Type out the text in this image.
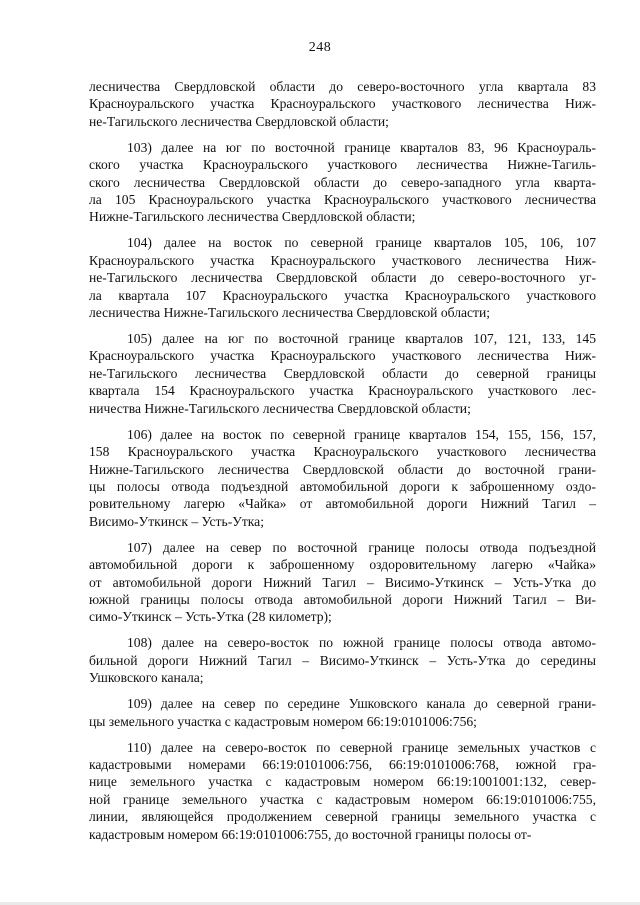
248

лесничества Свердловской области до северо-восточного угла квартала 83
Красноуральского участка Красноуральского участкового лесничества Ниж-
не-Тагильского лесничества Свердловской области;

103) далее на юг по восточной границе кварталов 83, 96 Красноураль-
ского участка Красноуральского участкового лесничества Нижне-Тагиль-
ского лесничества Свердловской области до северо-западного угла кварта-
ла 105 Красноуральского участка Красноуральского участкового лесничества
Нижне-Тагильского лесничества Свердловской области;

104) далее на восток по северной границе кварталов 105, 106, 107
Красноуральского участка Красноуральского участкового лесничества Ниж-
не-Тагильского лесничества Свердловской области до северо-восточного уг-
ла квартала 107 Красноуральского участка Красноуральского участкового
лесничества Нижне-Тагильского лесничества Свердловской области;

105) далее на юг по восточной границе кварталов 107, 121, 133, 145
Красноуральского участка Красноуральского участкового лесничества Ниж-
не-Тагильского лесничества Свердловской области до северной границы
квартала 154 Красноуральского участка Красноуральского участкового лес-
ничества Нижне-Тагильского лесничества Свердловской области;

106) далее на восток по северной границе кварталов 154, 155, 156, 157,
158 Красноуральского участка Красноуральского участкового лесничества
Нижне-Тагильского лесничества Свердловской области до восточной грани-
цы полосы отвода подъездной автомобильной дороги к заброшенному оздо-
ровительному лагерю «Чайка» от автомобильной дороги Нижний Тагил –
Висимо-Уткинск – Усть-Утка;

107) далее на север по восточной границе полосы отвода подъездной
автомобильной дороги к заброшенному оздоровительному лагерю «Чайка»
от автомобильной дороги Нижний Тагил – Висимо-Уткинск – Усть-Утка до
южной границы полосы отвода автомобильной дороги Нижний Тагил – Ви-
симо-Уткинск – Усть-Утка (28 километр);

108) далее на северо-восток по южной границе полосы отвода автомо-
бильной дороги Нижний Тагил – Висимо-Уткинск – Усть-Утка до середины
Ушковского канала;

109) далее на север по середине Ушковского канала до северной грани-
цы земельного участка с кадастровым номером 66:19:0101006:756;

110) далее на северо-восток по северной границе земельных участков с
кадастровыми номерами 66:19:0101006:756, 66:19:0101006:768, южной гра-
нице земельного участка с кадастровым номером 66:19:1001001:132, север-
ной границе земельного участка с кадастровым номером 66:19:0101006:755,
линии, являющейся продолжением северной границы земельного участка с
кадастровым номером 66:19:0101006:755, до восточной границы полосы от-
